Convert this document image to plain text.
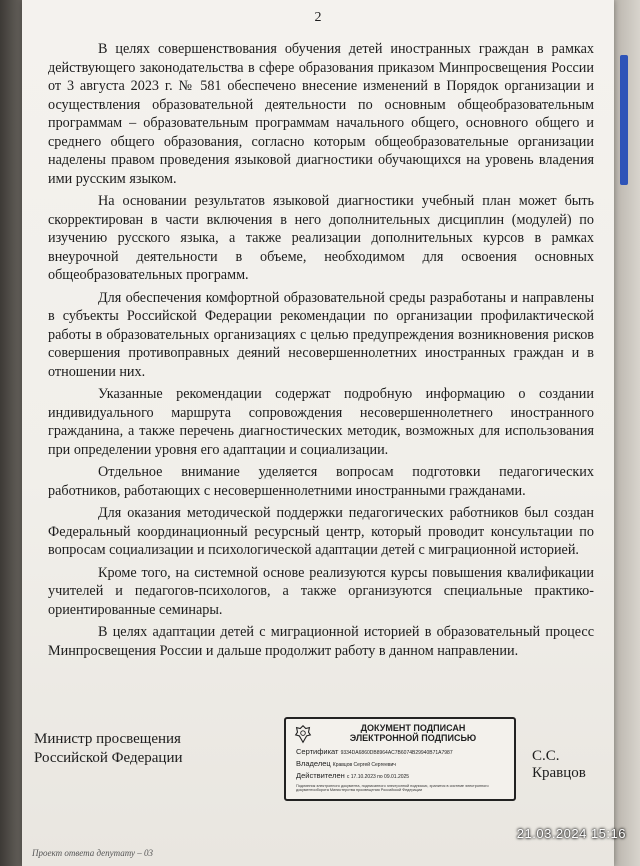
2

В целях совершенствования обучения детей иностранных граждан в рамках действующего законодательства в сфере образования приказом Минпросвещения России от 3 августа 2023 г. № 581 обеспечено внесение изменений в Порядок организации и осуществления образовательной деятельности по основным общеобразовательным программам – образовательным программам начального общего, основного общего и среднего общего образования, согласно которым общеобразовательные организации наделены правом проведения языковой диагностики обучающихся на уровень владения ими русским языком.

На основании результатов языковой диагностики учебный план может быть скорректирован в части включения в него дополнительных дисциплин (модулей) по изучению русского языка, а также реализации дополнительных курсов в рамках внеурочной деятельности в объеме, необходимом для освоения основных общеобразовательных программ.

Для обеспечения комфортной образовательной среды разработаны и направлены в субъекты Российской Федерации рекомендации по организации профилактической работы в образовательных организациях с целью предупреждения возникновения рисков совершения противоправных деяний несовершеннолетних иностранных граждан и в отношении них.

Указанные рекомендации содержат подробную информацию о создании индивидуального маршрута сопровождения несовершеннолетнего иностранного гражданина, а также перечень диагностических методик, возможных для использования при определении уровня его адаптации и социализации.

Отдельное внимание уделяется вопросам подготовки педагогических работников, работающих с несовершеннолетними иностранными гражданами.

Для оказания методической поддержки педагогических работников был создан Федеральный координационный ресурсный центр, который проводит консультации по вопросам социализации и психологической адаптации детей с миграционной историей.

Кроме того, на системной основе реализуются курсы повышения квалификации учителей и педагогов-психологов, а также организуются специальные практико-ориентированные семинары.

В целях адаптации детей с миграционной историей в образовательный процесс Минпросвещения России и дальше продолжит работу в данном направлении.

Министр просвещения
Российской Федерации
ДОКУМЕНТ ПОДПИСАН
ЭЛЕКТРОННОЙ ПОДПИСЬЮ
Сертификат 9334DA6860DB8964AC7B6074B29940B71A7987
Владелец Кравцов Сергей Сергеевич
Действителен с 17.10.2023 по 09.01.2025
Подлинник электронного документа, подписанного электронной подписью, хранится в системе электронного документооборота Министерства просвещения Российской Федерации
С.С. Кравцов
Проект ответа депутату – 03
21.03.2024 15:16
